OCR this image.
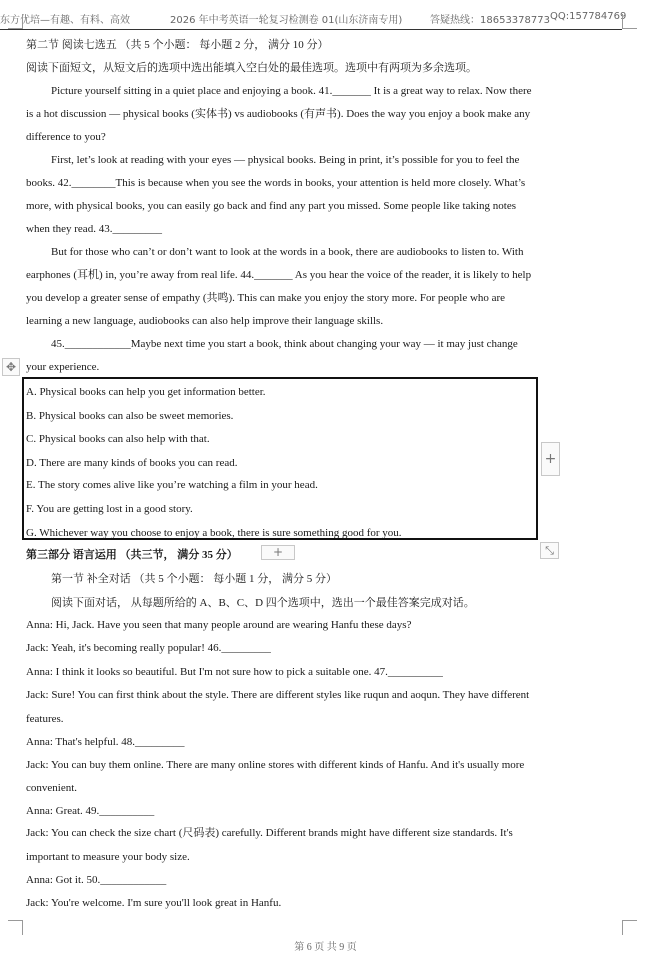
东方优培—有趣、有料、高效	2026 年中考英语一轮复习检测卷 01(山东济南专用)	答疑热线：18653378773 QQ:157784769
第二节 阅读七选五 （共 5 个小题： 每小题 2 分， 满分 10 分）
阅读下面短文，从短文后的选项中选出能填入空白处的最佳选项。选项中有两项为多余选项。
Picture yourself sitting in a quiet place and enjoying a book. 41._______ It is a great way to relax. Now there
is a hot discussion — physical books (实体书) vs audiobooks (有声书). Does the way you enjoy a book make any
difference to you?
First, let’s look at reading with your eyes — physical books. Being in print, it’s possible for you to feel the
books. 42.________This is because when you see the words in books, your attention is held more closely. What’s
more, with physical books, you can easily go back and find any part you missed. Some people like taking notes
when they read. 43._________
But for those who can’t or don’t want to look at the words in a book, there are audiobooks to listen to. With
earphones (耳机) in, you’re away from real life. 44._______ As you hear the voice of the reader, it is likely to help
you develop a greater sense of empathy (共鸣). This can make you enjoy the story more. For people who are
learning a new language, audiobooks can also help improve their language skills.
45.____________Maybe next time you start a book, think about changing your way — it may just change
your experience.
✥
A. Physical books can help you get information better.
B. Physical books can also be sweet memories.
C. Physical books can also help with that.
D. There are many kinds of books you can read.
E. The story comes alive like you’re watching a film in your head.
F. You are getting lost in a good story.
G. Whichever way you choose to enjoy a book, there is sure something good for you.
+
第三部分 语言运用 （共三节， 满分 35 分）	+	⤡
第一节 补全对话 （共 5 个小题： 每小题 1 分， 满分 5 分）
阅读下面对话， 从每题所给的 A、B、C、D 四个选项中，选出一个最佳答案完成对话。
Anna: Hi, Jack. Have you seen that many people around are wearing Hanfu these days?
Jack: Yeah, it's becoming really popular! 46._________
Anna: I think it looks so beautiful. But I'm not sure how to pick a suitable one. 47.__________
Jack: Sure! You can first think about the style. There are different styles like ruqun and aoqun. They have different
features.
Anna: That's helpful. 48._________
Jack: You can buy them online. There are many online stores with different kinds of Hanfu. And it's usually more
convenient.
Anna: Great. 49.__________
Jack: You can check the size chart (尺码表) carefully. Different brands might have different size standards. It's
important to measure your body size.
Anna: Got it. 50.____________
Jack: You're welcome. I'm sure you'll look great in Hanfu.
第 6 页 共 9 页
